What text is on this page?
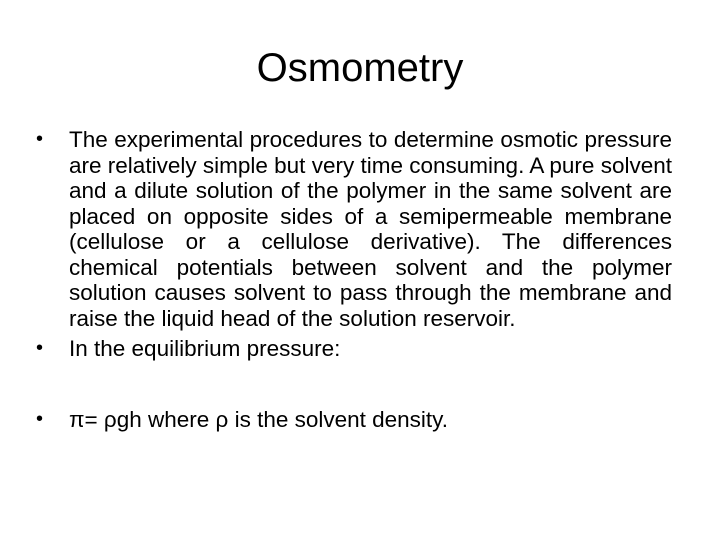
Osmometry
•	The experimental procedures to determine osmotic pressure are relatively simple but very time consuming. A pure solvent and a dilute solution of the polymer in the same solvent are placed on opposite sides of a semipermeable membrane (cellulose or a cellulose derivative). The differences chemical potentials between solvent and the polymer solution causes solvent to pass through the membrane and raise the liquid head of the solution reservoir.
•	In the equilibrium pressure:
•	π= ρgh where ρ is the solvent density.
